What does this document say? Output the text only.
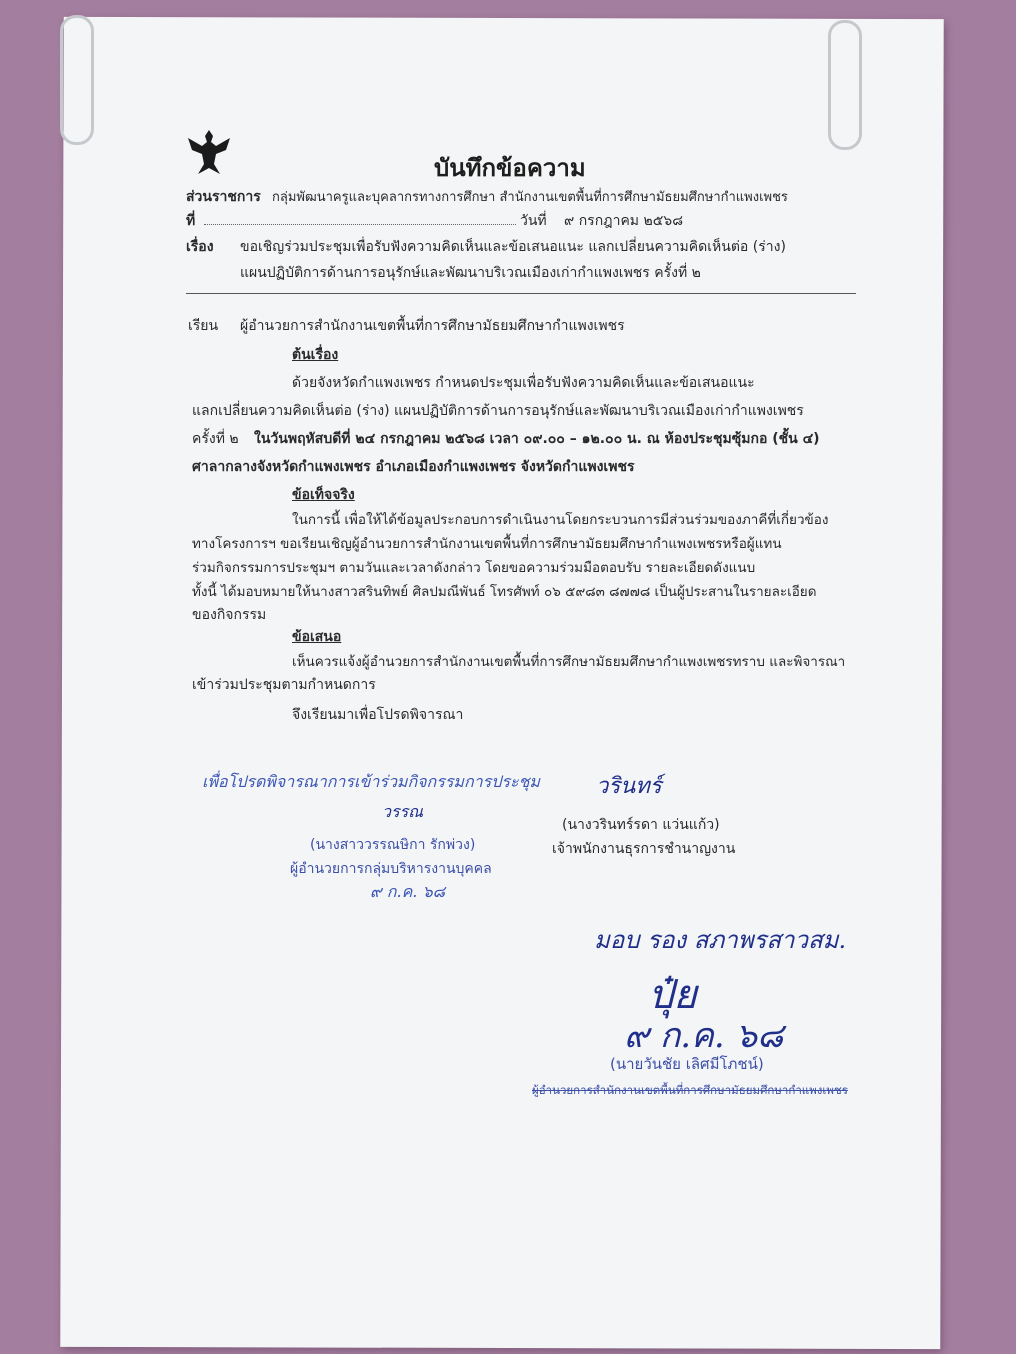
บันทึกข้อความ
ส่วนราชการ กลุ่มพัฒนาครูและบุคลากรทางการศึกษา สำนักงานเขตพื้นที่การศึกษามัธยมศึกษากำแพงเพชร
ที่	วันที่ ๙ กรกฎาคม ๒๕๖๘
เรื่อง ขอเชิญร่วมประชุมเพื่อรับฟังความคิดเห็นและข้อเสนอแนะ แลกเปลี่ยนความคิดเห็นต่อ (ร่าง)
แผนปฏิบัติการด้านการอนุรักษ์และพัฒนาบริเวณเมืองเก่ากำแพงเพชร ครั้งที่ ๒
เรียน ผู้อำนวยการสำนักงานเขตพื้นที่การศึกษามัธยมศึกษากำแพงเพชร
ต้นเรื่อง
ด้วยจังหวัดกำแพงเพชร กำหนดประชุมเพื่อรับฟังความคิดเห็นและข้อเสนอแนะ
แลกเปลี่ยนความคิดเห็นต่อ (ร่าง) แผนปฏิบัติการด้านการอนุรักษ์และพัฒนาบริเวณเมืองเก่ากำแพงเพชร
ครั้งที่ ๒ ในวันพฤหัสบดีที่ ๒๔ กรกฎาคม ๒๕๖๘ เวลา ๐๙.๐๐ – ๑๒.๐๐ น. ณ ห้องประชุมซุ้มกอ (ชั้น ๔)
ศาลากลางจังหวัดกำแพงเพชร อำเภอเมืองกำแพงเพชร จังหวัดกำแพงเพชร
ข้อเท็จจริง
ในการนี้ เพื่อให้ได้ข้อมูลประกอบการดำเนินงานโดยกระบวนการมีส่วนร่วมของภาคีที่เกี่ยวข้อง
ทางโครงการฯ ขอเรียนเชิญผู้อำนวยการสำนักงานเขตพื้นที่การศึกษามัธยมศึกษากำแพงเพชรหรือผู้แทน
ร่วมกิจกรรมการประชุมฯ ตามวันและเวลาดังกล่าว โดยขอความร่วมมือตอบรับ รายละเอียดดังแนบ
ทั้งนี้ ได้มอบหมายให้นางสาวสรินทิพย์ ศิลปมณีพันธ์ โทรศัพท์ ๐๖ ๕๙๘๓ ๘๗๗๘ เป็นผู้ประสานในรายละเอียด
ของกิจกรรม
ข้อเสนอ
เห็นควรแจ้งผู้อำนวยการสำนักงานเขตพื้นที่การศึกษามัธยมศึกษากำแพงเพชรทราบ และพิจารณา
เข้าร่วมประชุมตามกำหนดการ
จึงเรียนมาเพื่อโปรดพิจารณา
เพื่อโปรดพิจารณาการเข้าร่วมกิจกรรมการประชุม	วรินทร์
วรรณ
(นางวรินทร์รดา แว่นแก้ว)
เจ้าพนักงานธุรการชำนาญงาน
(นางสาววรรณษิกา รักพ่วง)
ผู้อำนวยการกลุ่มบริหารงานบุคคล
๙ ก.ค. ๖๘
มอบ รอง สภาพรสาวสม.
ปุ๋ย
๙ ก.ค. ๖๘
(นายวันชัย เลิศมีโภชน์)
ผู้อำนวยการสำนักงานเขตพื้นที่การศึกษามัธยมศึกษากำแพงเพชร
